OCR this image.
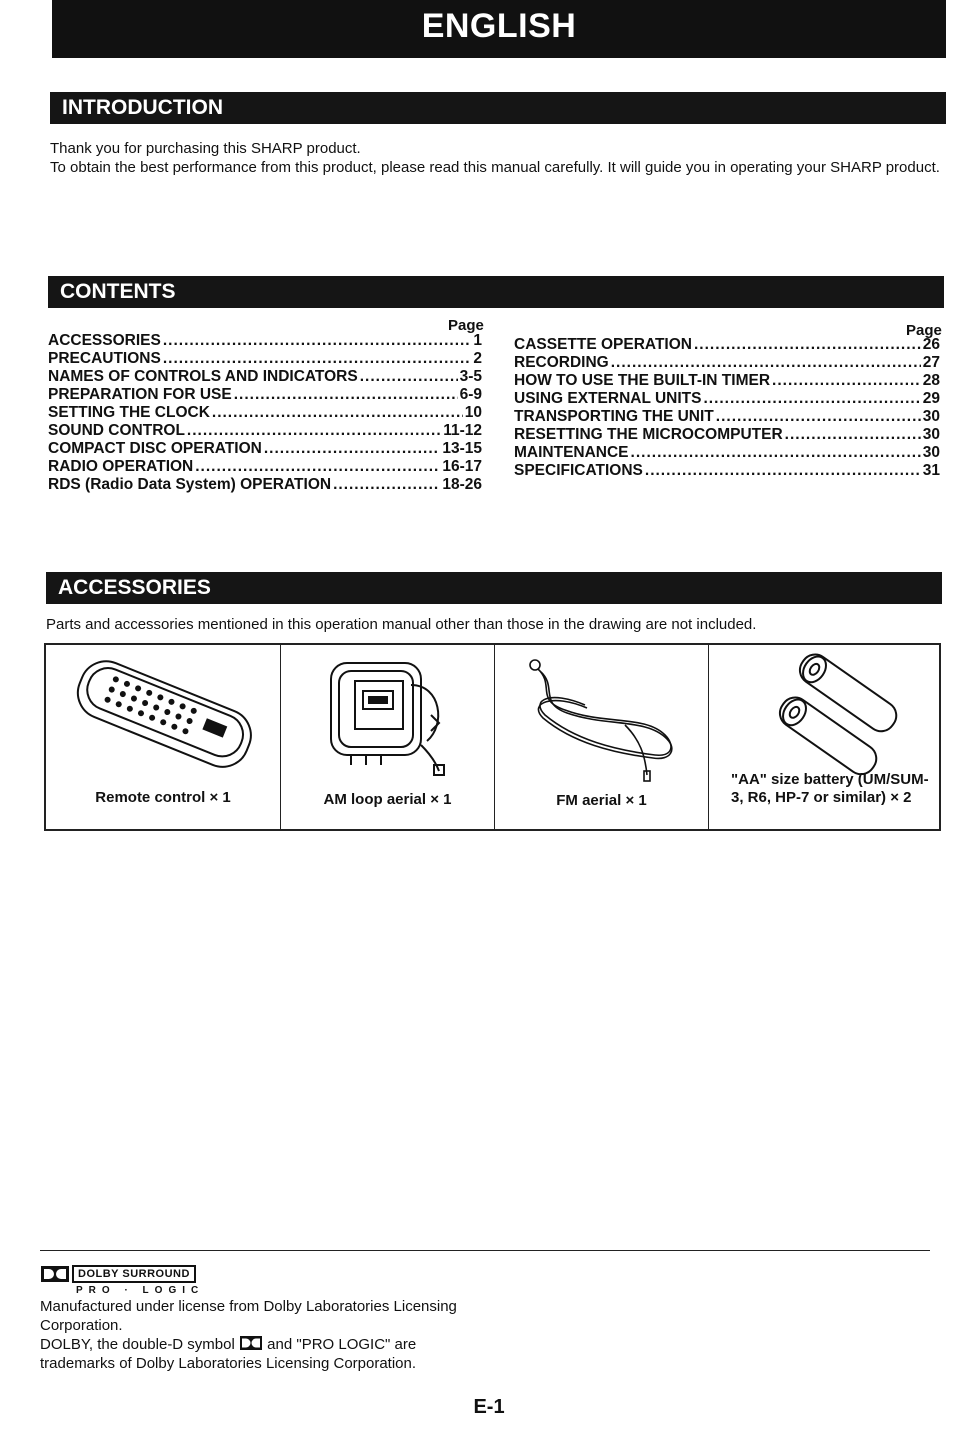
ENGLISH
INTRODUCTION
Thank you for purchasing this SHARP product.
To obtain the best performance from this product, please read this manual carefully. It will guide you in operating your SHARP product.
CONTENTS
Page	Page
ACCESSORIES .....	1
PRECAUTIONS .....	2
NAMES OF CONTROLS AND INDICATORS .....	3-5
PREPARATION FOR USE .....	6-9
SETTING THE CLOCK .....	10
SOUND CONTROL .....	11-12
COMPACT DISC OPERATION .....	13-15
RADIO OPERATION .....	16-17
RDS (Radio Data System) OPERATION .....	18-26
CASSETTE OPERATION .....	26
RECORDING .....	27
HOW TO USE THE BUILT-IN TIMER .....	28
USING EXTERNAL UNITS .....	29
TRANSPORTING THE UNIT .....	30
RESETTING THE MICROCOMPUTER .....	30
MAINTENANCE .....	30
SPECIFICATIONS .....	31
ACCESSORIES
Parts and accessories mentioned in this operation manual other than those in the drawing are not included.
Remote control × 1	AM loop aerial × 1	FM aerial × 1
"AA" size battery (UM/SUM-3, R6, HP-7 or similar) × 2
DOLBY SURROUND
PRO · LOGIC
Manufactured under license from Dolby Laboratories Licensing Corporation.
DOLBY, the double-D symbol and "PRO LOGIC" are trademarks of Dolby Laboratories Licensing Corporation.
E-1
